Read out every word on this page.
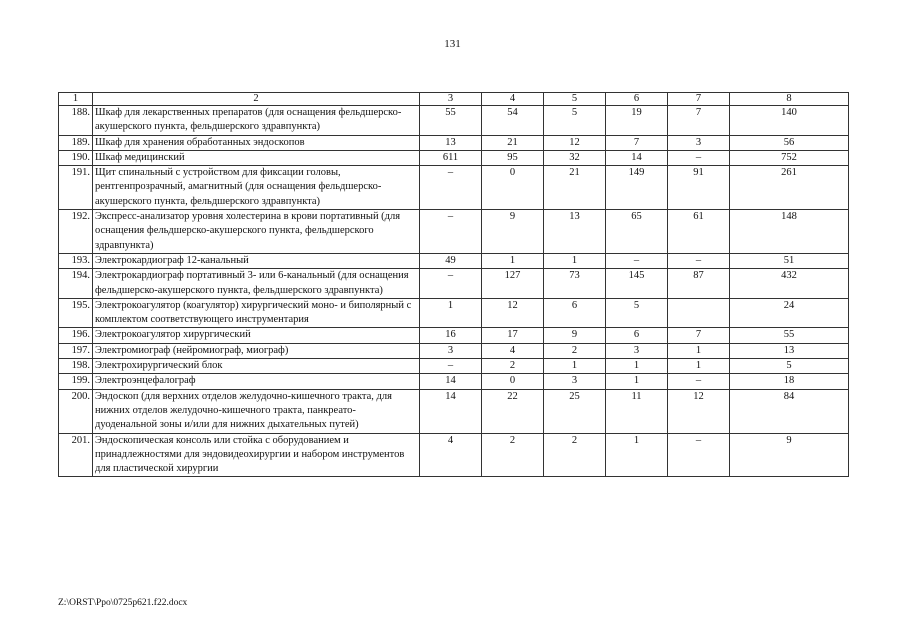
131
1	2	3	4	5	6	7	8
188.	Шкаф для лекарственных препаратов (для оснащения фельдшерско-акушерского пункта, фельдшерского здравпункта)	55	54	5	19	7	140
189.	Шкаф для хранения обработанных эндоскопов	13	21	12	7	3	56
190.	Шкаф медицинский	611	95	32	14	–	752
191.	Щит спинальный с устройством для фиксации головы, рентгенпрозрачный, амагнитный (для оснащения фельдшерско-акушерского пункта, фельдшерского здравпункта)	–	0	21	149	91	261
192.	Экспресс-анализатор уровня холестерина в крови портативный (для оснащения фельдшерско-акушерского пункта, фельдшерского здравпункта)	–	9	13	65	61	148
193.	Электрокардиограф 12-канальный	49	1	1	–	–	51
194.	Электрокардиограф портативный 3- или 6-канальный (для оснащения фельдшерско-акушерского пункта, фельдшерского здравпункта)	–	127	73	145	87	432
195.	Электрокоагулятор (коагулятор) хирургический моно- и биполярный с комплектом соответствующего инструментария	1	12	6	5		24
196.	Электрокоагулятор хирургический	16	17	9	6	7	55
197.	Электромиограф (нейромиограф, миограф)	3	4	2	3	1	13
198.	Электрохирургический блок	–	2	1	1	1	5
199.	Электроэнцефалограф	14	0	3	1	–	18
200.	Эндоскоп (для верхних отделов желудочно-кишечного тракта, для нижних отделов желудочно-кишечного тракта, панкреато-дуоденальной зоны и/или для нижних дыхательных путей)	14	22	25	11	12	84
201.	Эндоскопическая консоль или стойка с оборудованием и принадлежностями для эндовидеохирургии и набором инструментов для пластической хирургии	4	2	2	1	–	9
Z:\ORST\Ppo\0725p621.f22.docx
